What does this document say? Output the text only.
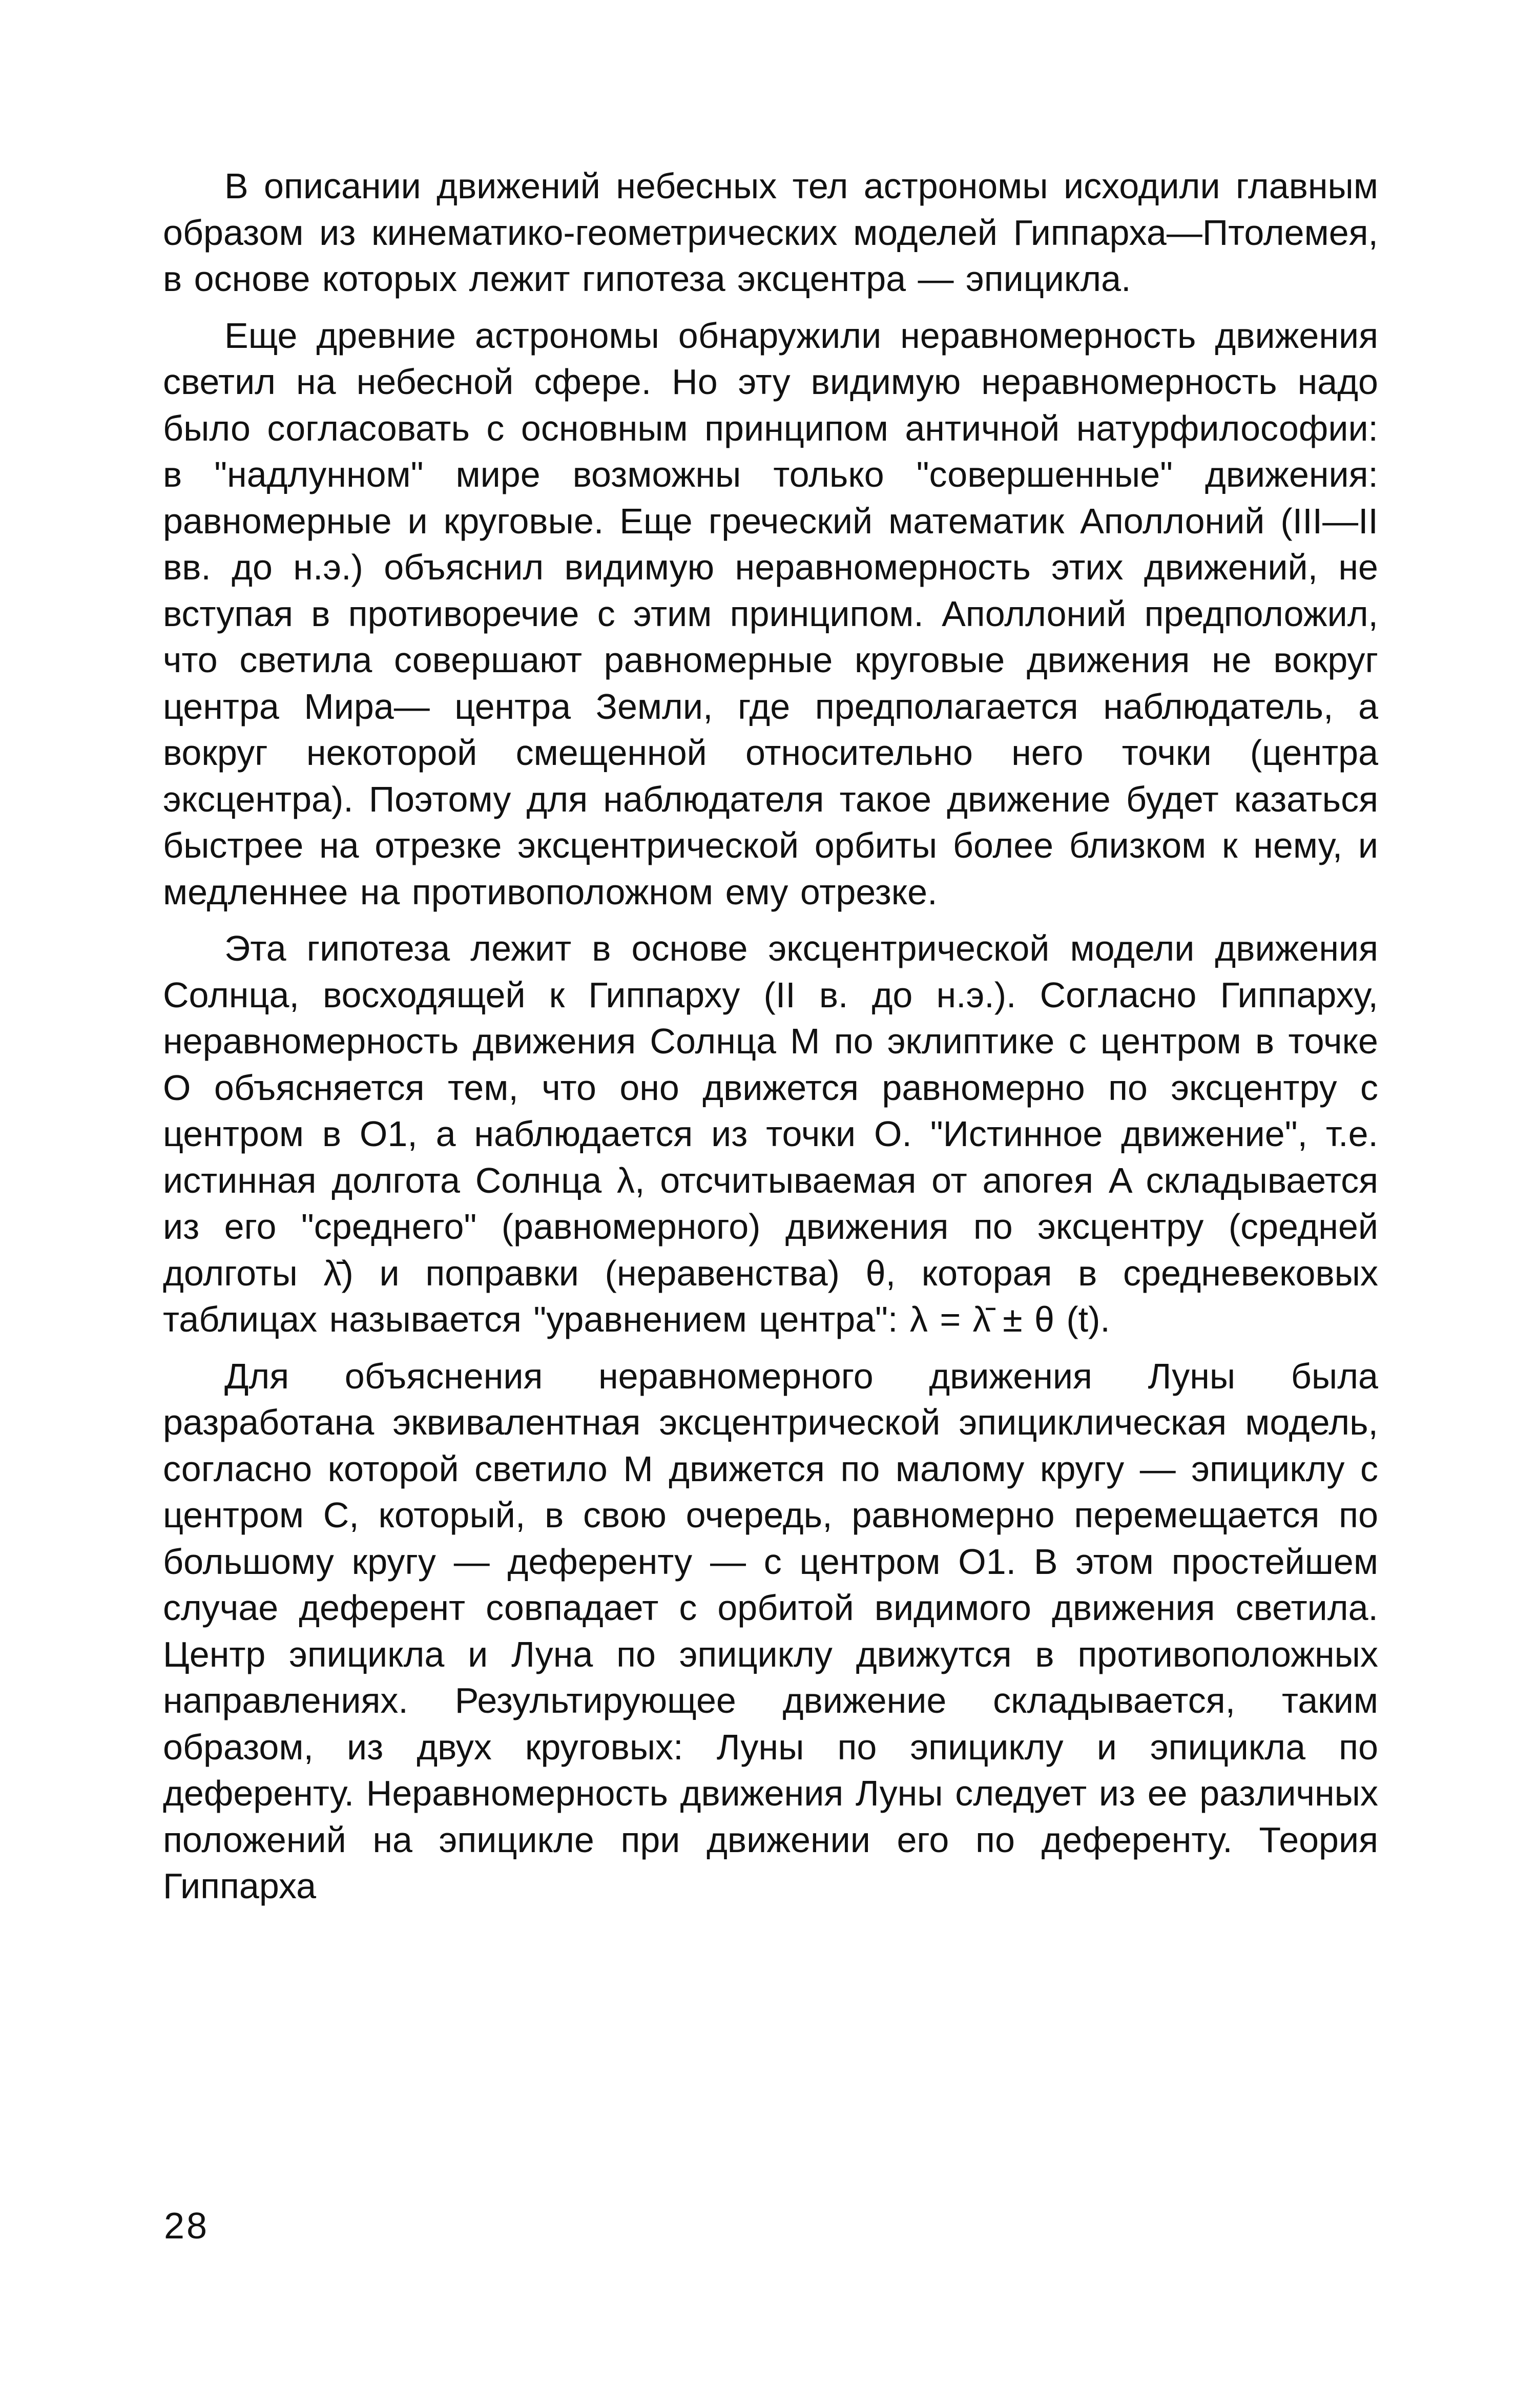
В описании движений небесных тел астрономы исходили главным образом из кинематико-геометрических моделей Гиппарха—Птолемея, в основе которых лежит гипотеза эксцентра — эпицикла.

Еще древние астрономы обнаружили неравномерность движения светил на небесной сфере. Но эту видимую неравномерность надо было согласовать с основным принципом античной натурфилософии: в "надлунном" мире возможны только "совершенные" движения: равномерные и круговые. Еще греческий математик Аполлоний (III—II вв. до н.э.) объяснил видимую неравномерность этих движений, не вступая в противоречие с этим принципом. Аполлоний предположил, что светила совершают равномерные круговые движения не вокруг центра Мира— центра Земли, где предполагается наблюдатель, а вокруг некоторой смещенной относительно него точки (центра эксцентра). Поэтому для наблюдателя такое движение будет казаться быстрее на отрезке эксцентрической орбиты более близком к нему, и медленнее на противоположном ему отрезке.

Эта гипотеза лежит в основе эксцентрической модели движения Солнца, восходящей к Гиппарху (II в. до н.э.). Согласно Гиппарху, неравномерность движения Солнца M по эклиптике с центром в точке O объясняется тем, что оно движется равномерно по эксцентру с центром в O1, а наблюдается из точки O. "Истинное движение", т.е. истинная долгота Солнца λ, отсчитываемая от апогея A складывается из его "среднего" (равномерного) движения по эксцентру (средней долготы λ̄) и поправки (неравенства) θ, которая в средневековых таблицах называется "уравнением центра": λ = λ̄ ± θ (t).

Для объяснения неравномерного движения Луны была разработана эквивалентная эксцентрической эпициклическая модель, согласно которой светило M движется по малому кругу — эпициклу с центром C, который, в свою очередь, равномерно перемещается по большому кругу — деференту — с центром O1. В этом простейшем случае деферент совпадает с орбитой видимого движения светила. Центр эпицикла и Луна по эпициклу движутся в противоположных направлениях. Результирующее движение складывается, таким образом, из двух круговых: Луны по эпициклу и эпицикла по деференту. Неравномерность движения Луны следует из ее различных положений на эпицикле при движении его по деференту. Теория Гиппарха

28
